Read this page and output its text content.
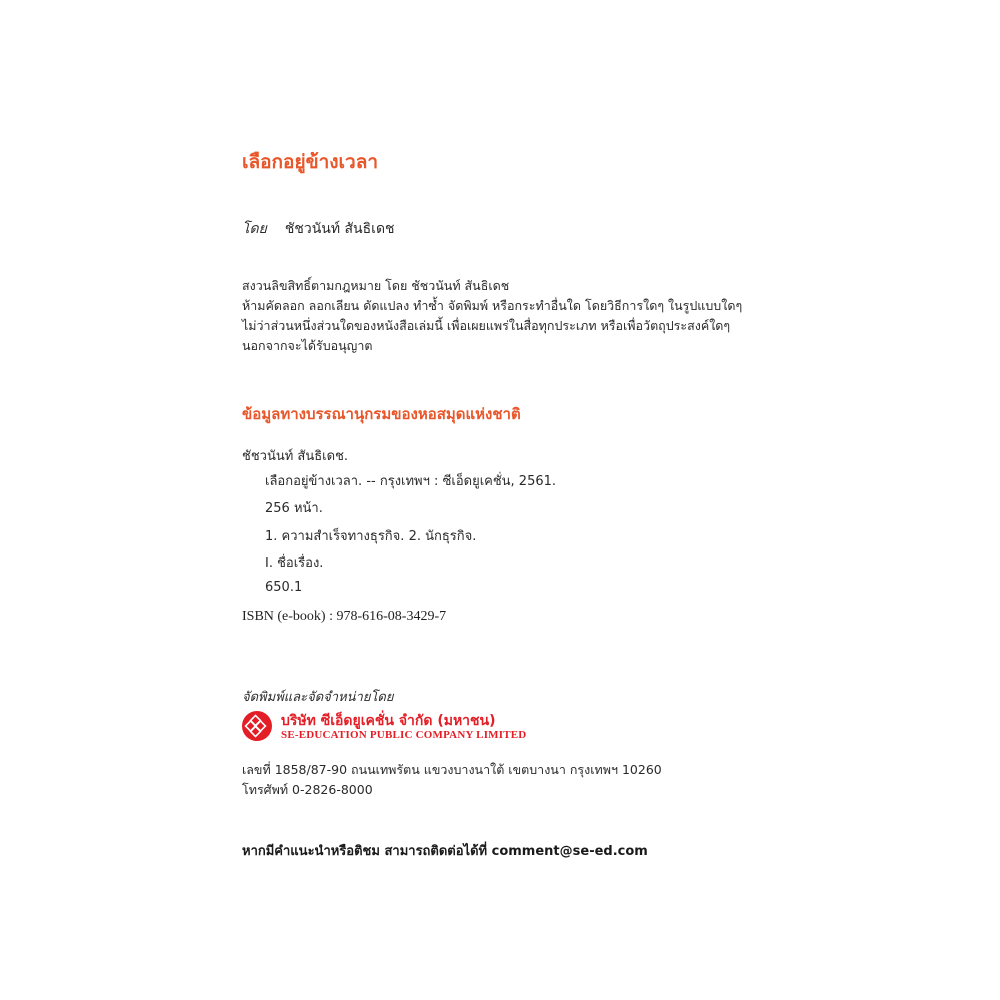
เลือกอยู่ข้างเวลา
โดย ชัชวนันท์ สันธิเดช
สงวนลิขสิทธิ์ตามกฎหมาย โดย ชัชวนันท์ สันธิเดช
ห้ามคัดลอก ลอกเลียน ดัดแปลง ทำซ้ำ จัดพิมพ์ หรือกระทำอื่นใด โดยวิธีการใดๆ ในรูปแบบใดๆ
ไม่ว่าส่วนหนึ่งส่วนใดของหนังสือเล่มนี้ เพื่อเผยแพร่ในสื่อทุกประเภท หรือเพื่อวัตถุประสงค์ใดๆ
นอกจากจะได้รับอนุญาต
ข้อมูลทางบรรณานุกรมของหอสมุดแห่งชาติ
ชัชวนันท์ สันธิเดช.
เลือกอยู่ข้างเวลา. -- กรุงเทพฯ : ซีเอ็ดยูเคชั่น, 2561.
256 หน้า.
1. ความสำเร็จทางธุรกิจ. 2. นักธุรกิจ.
I. ชื่อเรื่อง.
650.1
ISBN (e-book) : 978-616-08-3429-7
จัดพิมพ์และจัดจำหน่ายโดย
บริษัท ซีเอ็ดยูเคชั่น จำกัด (มหาชน)
SE-EDUCATION PUBLIC COMPANY LIMITED
เลขที่ 1858/87-90 ถนนเทพรัตน แขวงบางนาใต้ เขตบางนา กรุงเทพฯ 10260
โทรศัพท์ 0-2826-8000
หากมีคำแนะนำหรือติชม สามารถติดต่อได้ที่ comment@se-ed.com
